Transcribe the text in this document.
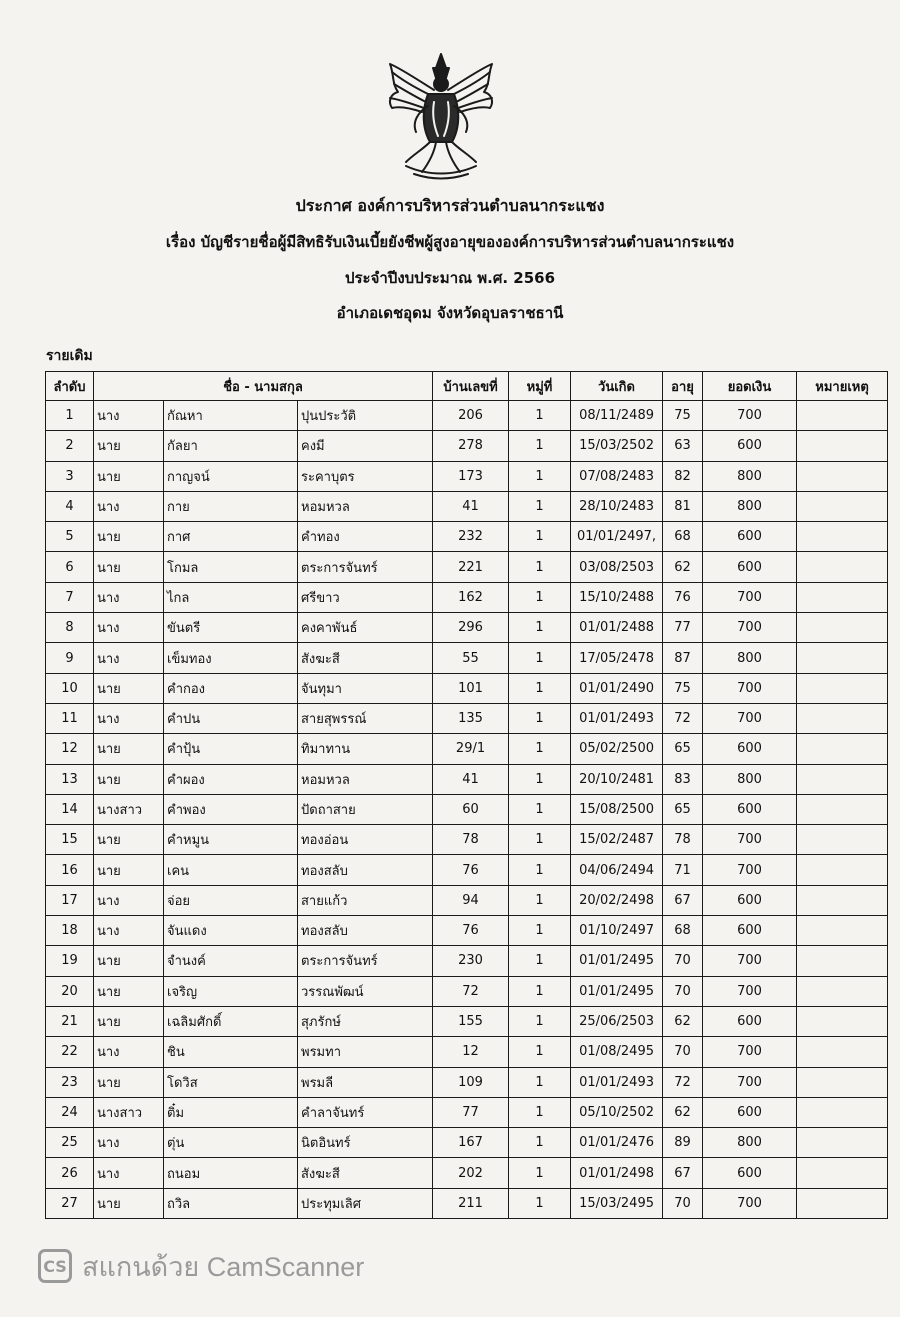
ประกาศ องค์การบริหารส่วนตำบลนากระแชง
เรื่อง บัญชีรายชื่อผู้มีสิทธิรับเงินเบี้ยยังชีพผู้สูงอายุขององค์การบริหารส่วนตำบลนากระแชง
ประจำปีงบประมาณ พ.ศ. 2566
อำเภอเดชอุดม จังหวัดอุบลราชธานี
รายเดิม
ลำดับ	ชื่อ - นามสกุล			บ้านเลขที่	หมู่ที่	วันเกิด	อายุ	ยอดเงิน	หมายเหตุ
1	นาง	กัณหา	ปุนประวัติ	206	1	08/11/2489	75	700	
2	นาย	กัลยา	คงมี	278	1	15/03/2502	63	600	
3	นาย	กาญจน์	ระคาบุตร	173	1	07/08/2483	82	800	
4	นาง	กาย	หอมหวล	41	1	28/10/2483	81	800	
5	นาย	กาศ	คำทอง	232	1	01/01/2497,	68	600	
6	นาย	โกมล	ตระการจันทร์	221	1	03/08/2503	62	600	
7	นาง	ไกล	ศรีขาว	162	1	15/10/2488	76	700	
8	นาง	ขันตรี	คงคาพันธ์	296	1	01/01/2488	77	700	
9	นาง	เข็มทอง	สังฆะสี	55	1	17/05/2478	87	800	
10	นาย	คำกอง	จันทุมา	101	1	01/01/2490	75	700	
11	นาง	คำปน	สายสุพรรณ์	135	1	01/01/2493	72	700	
12	นาย	คำปุ้น	ทิมาทาน	29/1	1	05/02/2500	65	600	
13	นาย	คำผอง	หอมหวล	41	1	20/10/2481	83	800	
14	นางสาว	คำพอง	ปัดถาสาย	60	1	15/08/2500	65	600	
15	นาย	คำหมูน	ทองอ่อน	78	1	15/02/2487	78	700	
16	นาย	เคน	ทองสลับ	76	1	04/06/2494	71	700	
17	นาง	จ่อย	สายแก้ว	94	1	20/02/2498	67	600	
18	นาง	จันแดง	ทองสลับ	76	1	01/10/2497	68	600	
19	นาย	จำนงค์	ตระการจันทร์	230	1	01/01/2495	70	700	
20	นาย	เจริญ	วรรณพัฒน์	72	1	01/01/2495	70	700	
21	นาย	เฉลิมศักดิ์	สุภรักษ์	155	1	25/06/2503	62	600	
22	นาง	ชิน	พรมทา	12	1	01/08/2495	70	700	
23	นาย	โดวิส	พรมลี	109	1	01/01/2493	72	700	
24	นางสาว	ติ๋ม	คำลาจันทร์	77	1	05/10/2502	62	600	
25	นาง	ตุ่น	นิตอินทร์	167	1	01/01/2476	89	800	
26	นาง	ถนอม	สังฆะสี	202	1	01/01/2498	67	600	
27	นาย	ถวิล	ประทุมเลิศ	211	1	15/03/2495	70	700	
CS สแกนด้วย CamScanner
